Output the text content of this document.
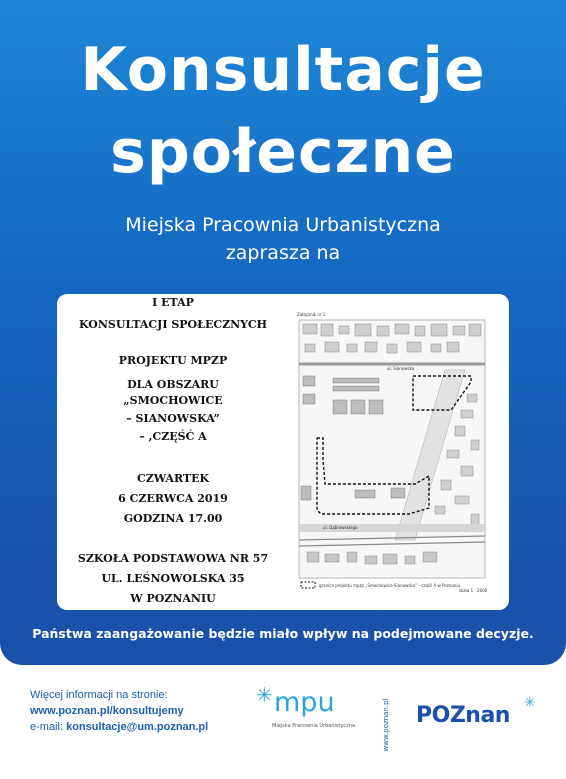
Konsultacje
społeczne
Miejska Pracownia Urbanistyczna
zaprasza na
I ETAP
KONSULTACJI SPOŁECZNYCH
PROJEKTU MPZP
DLA OBSZARU
„SMOCHOWICE
– SIANOWSKA”
– ,CZĘŚĆ A
CZWARTEK
6 CZERWCA 2019
GODZINA 17.00
SZKOŁA PODSTAWOWA NR 57
UL. LEŚNOWOLSKA 35
W POZNANIU
Załącznik nr 1
ul. Sianowska
ul. Dąbrowskiego
granica projektu mpzp „Smochowice-Sianowska” - część A w Poznaniu
skala 1 : 2000
Państwa zaangażowanie będzie miało wpływ na podejmowane decyzje.
Więcej informacji na stronie:
www.poznan.pl/konsultujemy
e-mail: konsultacje@um.poznan.pl
✳ mpu
Miejska Pracownia Urbanistyczna	www.poznan.pl POZnan ✳
